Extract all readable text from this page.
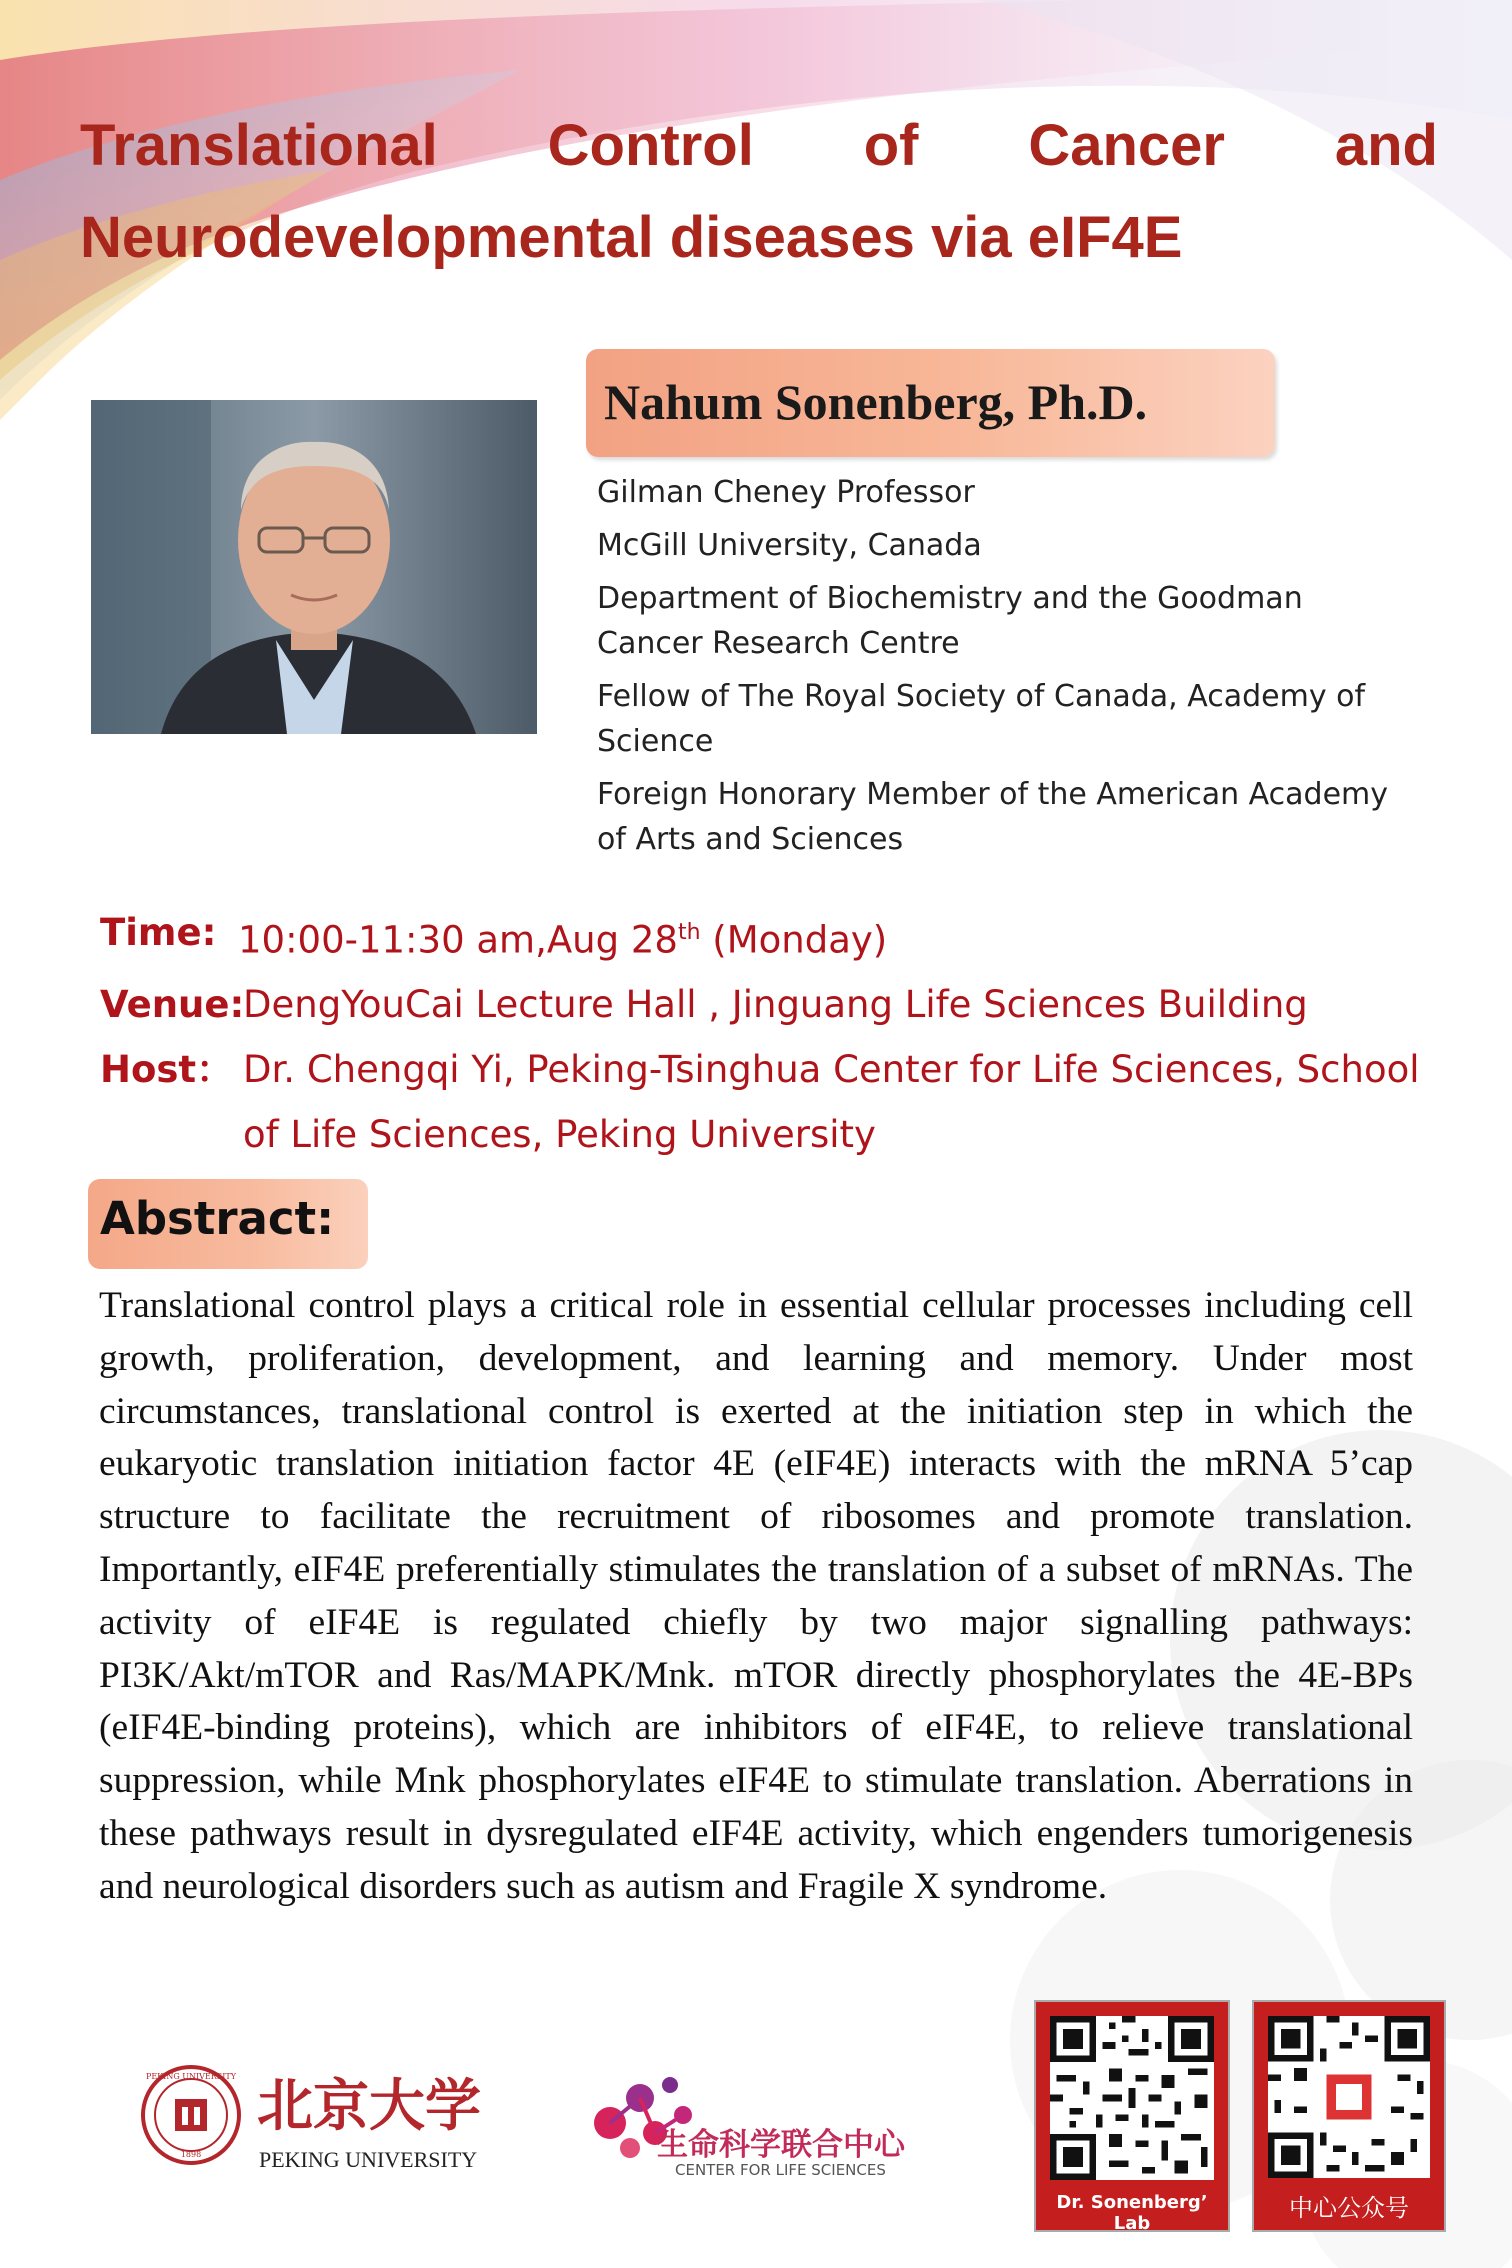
Translational Control of Cancer and
Neurodevelopmental diseases via eIF4E
Nahum Sonenberg, Ph.D.
Gilman Cheney Professor
McGill University, Canada
Department of Biochemistry and the Goodman Cancer Research Centre
Fellow of The Royal Society of Canada, Academy of Science
Foreign Honorary Member of the American Academy of Arts and Sciences
Time: 10:00-11:30 am,Aug 28th (Monday)
Venue:
DengYouCai Lecture Hall , Jinguang Life Sciences Building
Host： Dr. Chengqi Yi, Peking-Tsinghua Center for Life Sciences, School of Life Sciences, Peking University
Abstract:
Translational control plays a critical role in essential cellular processes including cell growth, proliferation, development, and learning and memory. Under most circumstances, translational control is exerted at the initiation step in which the eukaryotic translation initiation factor 4E (eIF4E) interacts with the mRNA 5’cap structure to facilitate the recruitment of ribosomes and promote translation. Importantly, eIF4E preferentially stimulates the translation of a subset of mRNAs. The activity of eIF4E is regulated chiefly by two major signalling pathways: PI3K/Akt/mTOR and Ras/MAPK/Mnk. mTOR directly phosphorylates the 4E-BPs (eIF4E-binding proteins), which are inhibitors of eIF4E, to relieve translational suppression, while Mnk phosphorylates eIF4E to stimulate translation. Aberrations in these pathways result in dysregulated eIF4E activity, which engenders tumorigenesis and neurological disorders such as autism and Fragile X syndrome.
PEKING UNIVERSITY
1898
北京大学
PEKING UNIVERSITY	生命科学联合中心
CENTER FOR LIFE SCIENCES
Dr. Sonenberg’ Lab
中心公众号
